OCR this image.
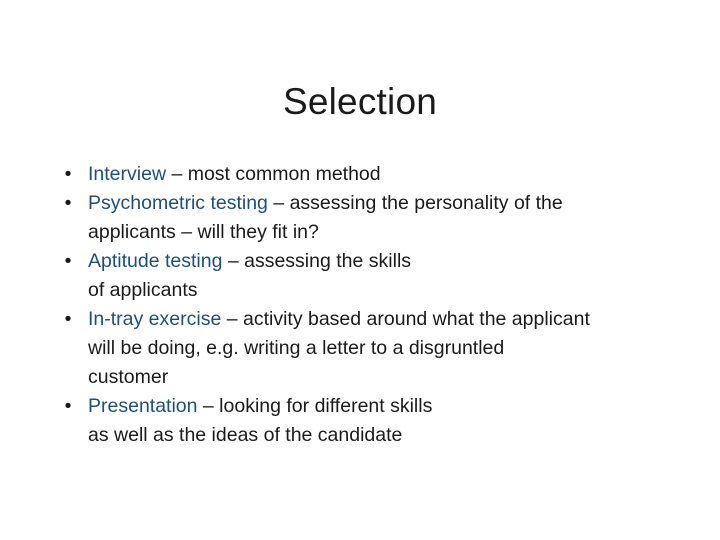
Selection
• Interview – most common method
• Psychometric testing – assessing the personality of the
applicants – will they fit in?
• Aptitude testing – assessing the skills
of applicants
• In-tray exercise – activity based around what the applicant
will be doing, e.g. writing a letter to a disgruntled
customer
• Presentation – looking for different skills
as well as the ideas of the candidate
